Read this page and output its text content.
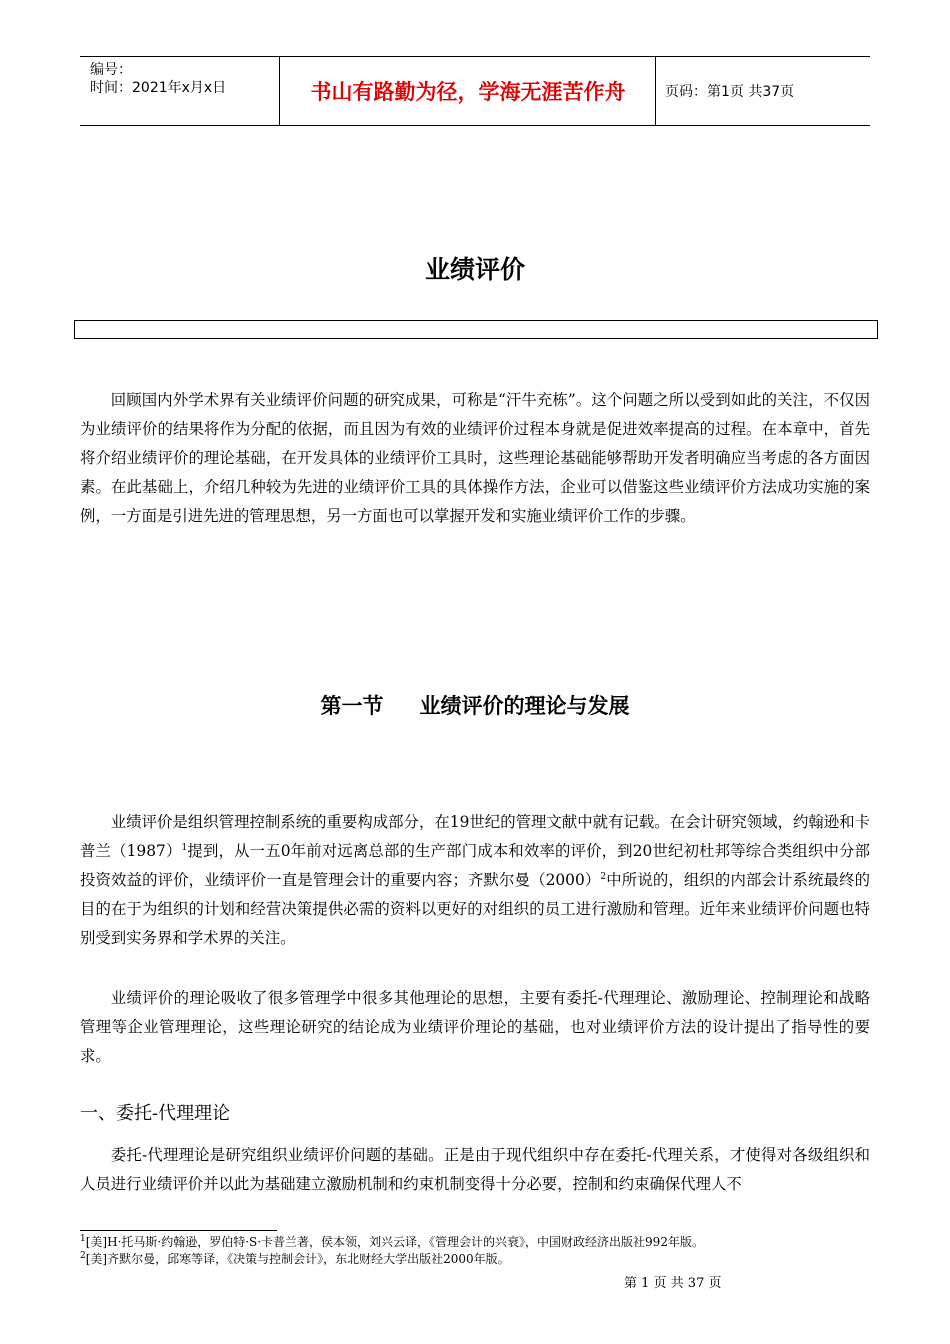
编号：
时间：2021年x月x日	书山有路勤为径，学海无涯苦作舟	页码：第1页 共37页
业绩评价

回顾国内外学术界有关业绩评价问题的研究成果，可称是“汗牛充栋”。这个问题之所以受到如此的关注，不仅因为业绩评价的结果将作为分配的依据，而且因为有效的业绩评价过程本身就是促进效率提高的过程。在本章中，首先将介绍业绩评价的理论基础，在开发具体的业绩评价工具时，这些理论基础能够帮助开发者明确应当考虑的各方面因素。在此基础上，介绍几种较为先进的业绩评价工具的具体操作方法，企业可以借鉴这些业绩评价方法成功实施的案例，一方面是引进先进的管理思想，另一方面也可以掌握开发和实施业绩评价工作的步骤。

第一节 业绩评价的理论与发展

业绩评价是组织管理控制系统的重要构成部分，在19世纪的管理文献中就有记载。在会计研究领域，约翰逊和卡普兰$(1987)^1$提到，从一五0年前对远离总部的生产部门成本和效率的评价，到20世纪初杜邦等综合类组织中分部投资效益的评价，业绩评价一直是管理会计的重要内容；齐默尔曼$(2000)^2$中所说的，组织的内部会计系统最终的目的在于为组织的计划和经营决策提供必需的资料以更好的对组织的员工进行激励和管理。近年来业绩评价问题也特别受到实务界和学术界的关注。

业绩评价的理论吸收了很多管理学中很多其他理论的思想，主要有委托-代理理论、激励理论、控制理论和战略管理等企业管理理论，这些理论研究的结论成为业绩评价理论的基础，也对业绩评价方法的设计提出了指导性的要求。

一、委托-代理理论

委托-代理理论是研究组织业绩评价问题的基础。正是由于现代组织中存在委托-代理关系，才使得对各级组织和人员进行业绩评价并以此为基础建立激励机制和约束机制变得十分必要，控制和约束确保代理人不

$^1$[美]H·托马斯·约翰逊，罗伯特·S·卡普兰著，侯本领，刘兴云译，《管理会计的兴衰》，中国财政经济出版社992年版。
$^2$[美]齐默尔曼，邱寒等译，《决策与控制会计》，东北财经大学出版社2000年版。
第 1 页 共 37 页
